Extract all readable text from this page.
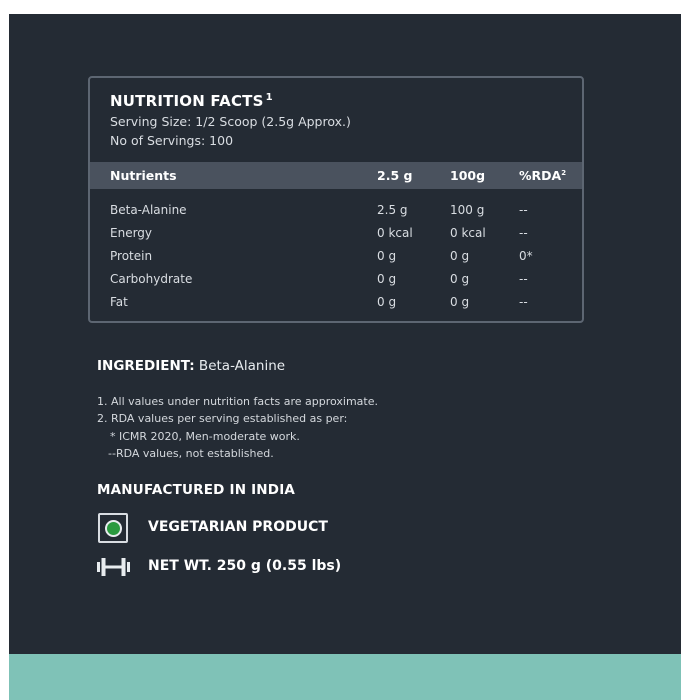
NUTRITION FACTS $^1$
Serving Size: 1/2 Scoop (2.5g Approx.)
No of Servings: 100
Nutrients	2.5 g	100g	%RDA$^2$
Beta-Alanine	2.5 g	100 g	--
Energy	0 kcal	0 kcal	--
Protein	0 g	0 g	0*
Carbohydrate	0 g	0 g	--
Fat	0 g	0 g	--
INGREDIENT: Beta-Alanine
1. All values under nutrition facts are approximate.
2. RDA values per serving established as per:
* ICMR 2020, Men-moderate work.
--RDA values, not established.
MANUFACTURED IN INDIA
VEGETARIAN PRODUCT
NET WT. 250 g (0.55 lbs)
